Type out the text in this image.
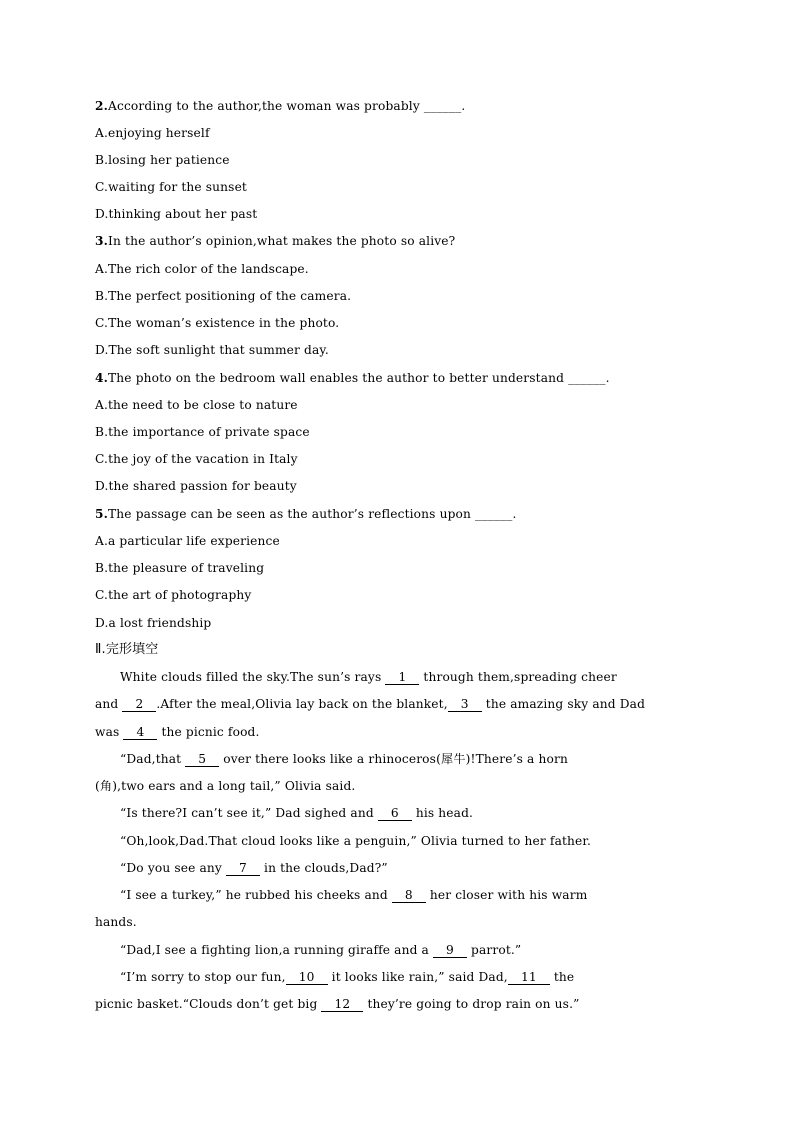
2.According to the author,the woman was probably ______.
A.enjoying herself
B.losing her patience
C.waiting for the sunset
D.thinking about her past
3.In the author’s opinion,what makes the photo so alive?
A.The rich color of the landscape.
B.The perfect positioning of the camera.
C.The woman’s existence in the photo.
D.The soft sunlight that summer day.
4.The photo on the bedroom wall enables the author to better understand ______.
A.the need to be close to nature
B.the importance of private space
C.the joy of the vacation in Italy
D.the shared passion for beauty
5.The passage can be seen as the author’s reflections upon ______.
A.a particular life experience
B.the pleasure of traveling
C.the art of photography
D.a lost friendship
Ⅱ.完形填空
White clouds filled the sky.The sun’s rays 1 through them,spreading cheer
and 2 .After the meal,Olivia lay back on the blanket, 3 the amazing sky and Dad
was 4 the picnic food.
“Dad,that 5 over there looks like a rhinoceros(犀牛)!There’s a horn
(角),two ears and a long tail,” Olivia said.
“Is there?I can’t see it,” Dad sighed and 6 his head.
“Oh,look,Dad.That cloud looks like a penguin,” Olivia turned to her father.
“Do you see any 7 in the clouds,Dad?”
“I see a turkey,” he rubbed his cheeks and 8 her closer with his warm
hands.
“Dad,I see a fighting lion,a running giraffe and a 9 parrot.”
“I’m sorry to stop our fun, 10 it looks like rain,” said Dad, 11 the
picnic basket.“Clouds don’t get big 12 they’re going to drop rain on us.”
